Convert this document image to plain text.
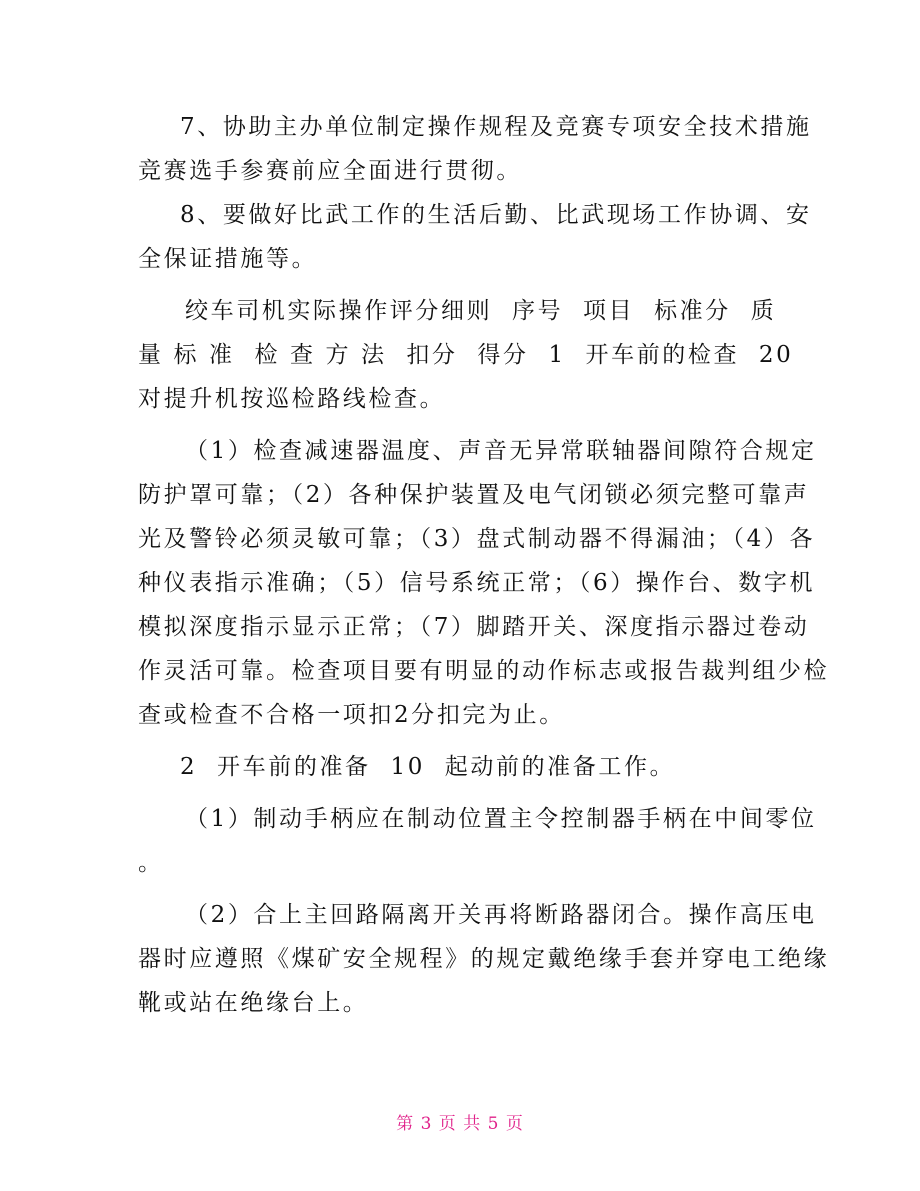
7、协助主办单位制定操作规程及竞赛专项安全技术措施
竞赛选手参赛前应全面进行贯彻。
8、要做好比武工作的生活后勤、比武现场工作协调、安
全保证措施等。
绞车司机实际操作评分细则  序号  项目  标准分  质
量 标 准  检 查 方 法  扣分  得分  1  开车前的检查  20
对提升机按巡检路线检查。
（1）检查减速器温度、声音无异常联轴器间隙符合规定
防护罩可靠；（2）各种保护装置及电气闭锁必须完整可靠声
光及警铃必须灵敏可靠；（3）盘式制动器不得漏油；（4）各
种仪表指示准确；（5）信号系统正常；（6）操作台、数字机
模拟深度指示显示正常；（7）脚踏开关、深度指示器过卷动
作灵活可靠。检查项目要有明显的动作标志或报告裁判组少检
查或检查不合格一项扣2分扣完为止。
2  开车前的准备  10  起动前的准备工作。
（1）制动手柄应在制动位置主令控制器手柄在中间零位
。
（2）合上主回路隔离开关再将断路器闭合。操作高压电
器时应遵照《煤矿安全规程》的规定戴绝缘手套并穿电工绝缘
靴或站在绝缘台上。
第 3 页 共 5 页
